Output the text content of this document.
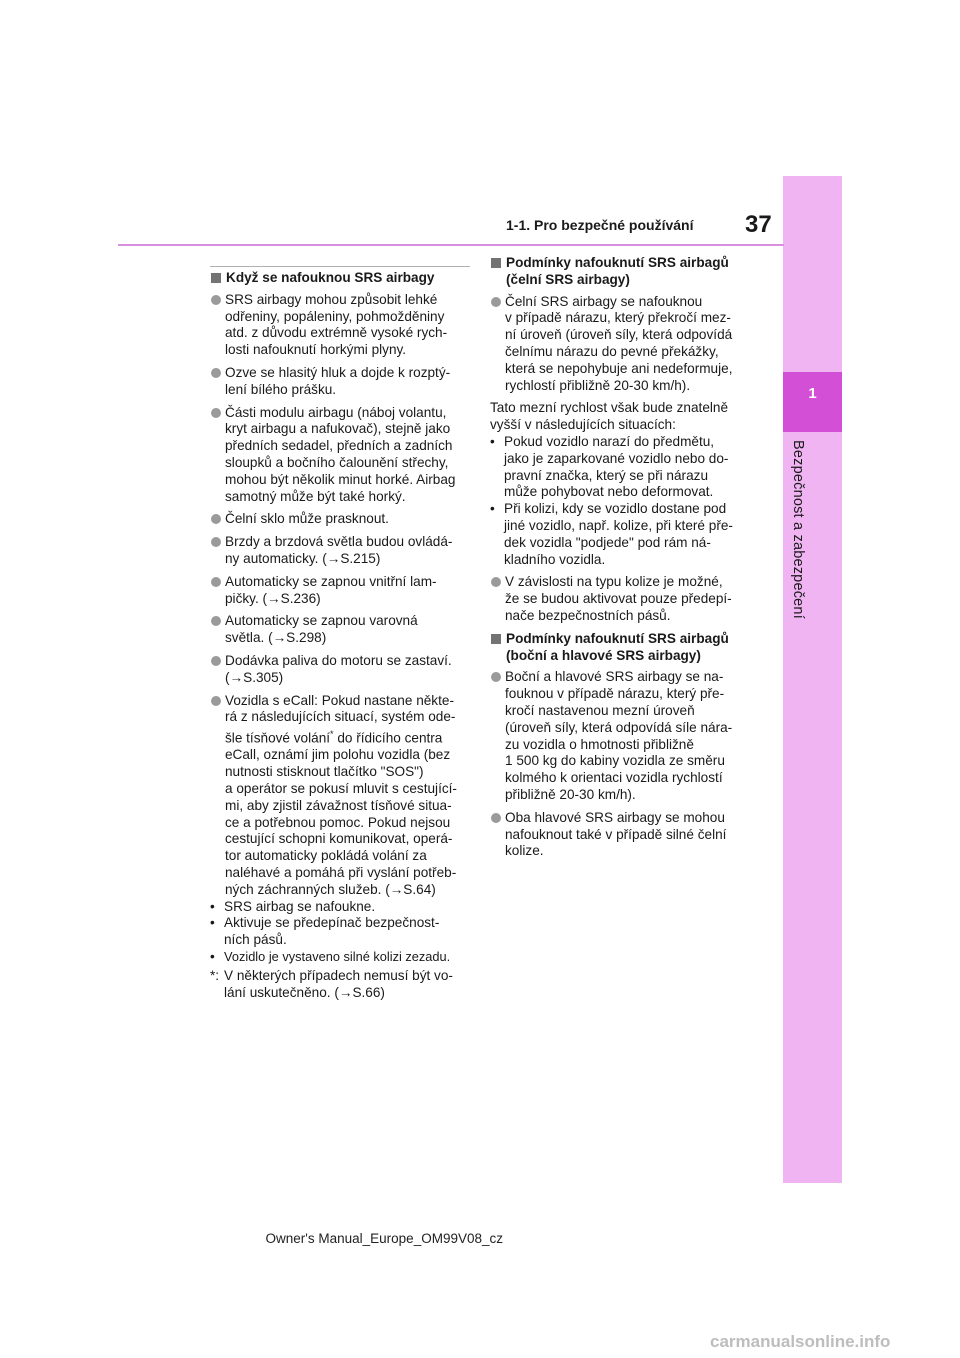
1
Bezpečnost a zabezpečení
1-1. Pro bezpečné používání 37
Když se nafouknou SRS airbagy
SRS airbagy mohou způsobit lehké
odřeniny, popáleniny, pohmožděniny
atd. z důvodu extrémně vysoké rych-
losti nafouknutí horkými plyny.
Ozve se hlasitý hluk a dojde k rozptý-
lení bílého prášku.
Části modulu airbagu (náboj volantu,
kryt airbagu a nafukovač), stejně jako
předních sedadel, předních a zadních
sloupků a bočního čalounění střechy,
mohou být několik minut horké. Airbag
samotný může být také horký.
Čelní sklo může prasknout.
Brzdy a brzdová světla budou ovládá-
ny automaticky. (→S.215)
Automaticky se zapnou vnitřní lam-
pičky. (→S.236)
Automaticky se zapnou varovná
světla. (→S.298)
Dodávka paliva do motoru se zastaví.
(→S.305)
Vozidla s eCall: Pokud nastane někte-
rá z následujících situací, systém ode-
šle tísňové volání* do řídicího centra
eCall, oznámí jim polohu vozidla (bez
nutnosti stisknout tlačítko "SOS")
a operátor se pokusí mluvit s cestující-
mi, aby zjistil závažnost tísňové situa-
ce a potřebnou pomoc. Pokud nejsou
cestující schopni komunikovat, operá-
tor automaticky pokládá volání za
naléhavé a pomáhá při vyslání potřeb-
ných záchranných služeb. (→S.64)
• SRS airbag se nafoukne.
• Aktivuje se předepínač bezpečnost-
ních pásů.
• Vozidlo je vystaveno silné kolizi zezadu.
*: V některých případech nemusí být vo-
lání uskutečněno. (→S.66)
Podmínky nafouknutí SRS airbagů
(čelní SRS airbagy)
Čelní SRS airbagy se nafouknou
v případě nárazu, který překročí mez-
ní úroveň (úroveň síly, která odpovídá
čelnímu nárazu do pevné překážky,
která se nepohybuje ani nedeformuje,
rychlostí přibližně 20-30 km/h).
Tato mezní rychlost však bude znatelně
vyšší v následujících situacích:
• Pokud vozidlo narazí do předmětu,
jako je zaparkované vozidlo nebo do-
pravní značka, který se při nárazu
může pohybovat nebo deformovat.
• Při kolizi, kdy se vozidlo dostane pod
jiné vozidlo, např. kolize, při které pře-
dek vozidla "podjede" pod rám ná-
kladního vozidla.
V závislosti na typu kolize je možné,
že se budou aktivovat pouze předepí-
nače bezpečnostních pásů.
Podmínky nafouknutí SRS airbagů
(boční a hlavové SRS airbagy)
Boční a hlavové SRS airbagy se na-
fouknou v případě nárazu, který pře-
kročí nastavenou mezní úroveň
(úroveň síly, která odpovídá síle nára-
zu vozidla o hmotnosti přibližně
1 500 kg do kabiny vozidla ze směru
kolmého k orientaci vozidla rychlostí
přibližně 20-30 km/h).
Oba hlavové SRS airbagy se mohou
nafouknout také v případě silné čelní
kolize.
Owner's Manual_Europe_OM99V08_cz
carmanualsonline.info
